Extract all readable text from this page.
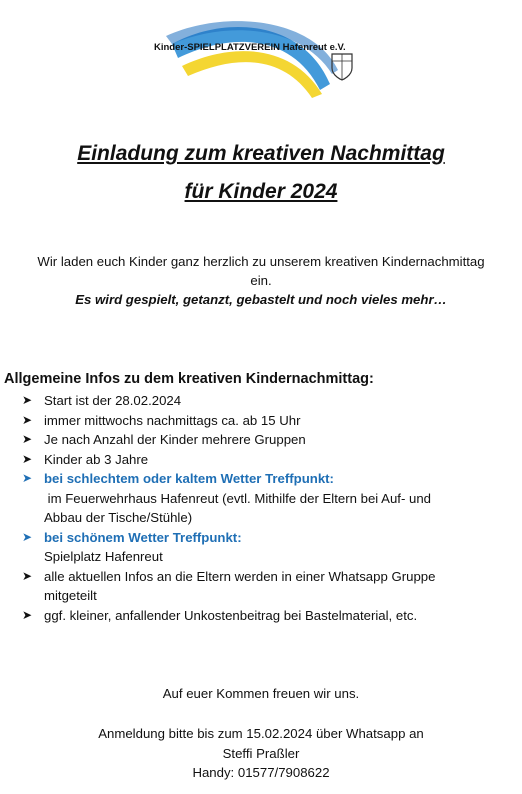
Kinder-SPIELPLATZVEREIN Hafenreut e.V.
Einladung zum kreativen Nachmittag
für Kinder 2024
Wir laden euch Kinder ganz herzlich zu unserem kreativen Kindernachmittag
ein.
Es wird gespielt, getanzt, gebastelt und noch vieles mehr…
Allgemeine Infos zu dem kreativen Kindernachmittag:
➤ Start ist der 28.02.2024
➤ immer mittwochs nachmittags ca. ab 15 Uhr
➤ Je nach Anzahl der Kinder mehrere Gruppen
➤ Kinder ab 3 Jahre
➤ bei schlechtem oder kaltem Wetter Treffpunkt:
im Feuerwehrhaus Hafenreut (evtl. Mithilfe der Eltern bei Auf- und
Abbau der Tische/Stühle)
➤ bei schönem Wetter Treffpunkt:
Spielplatz Hafenreut
➤ alle aktuellen Infos an die Eltern werden in einer Whatsapp Gruppe
mitgeteilt
➤ ggf. kleiner, anfallender Unkostenbeitrag bei Bastelmaterial, etc.
Auf euer Kommen freuen wir uns.
Anmeldung bitte bis zum 15.02.2024 über Whatsapp an
Steffi Praßler
Handy: 01577/7908622
